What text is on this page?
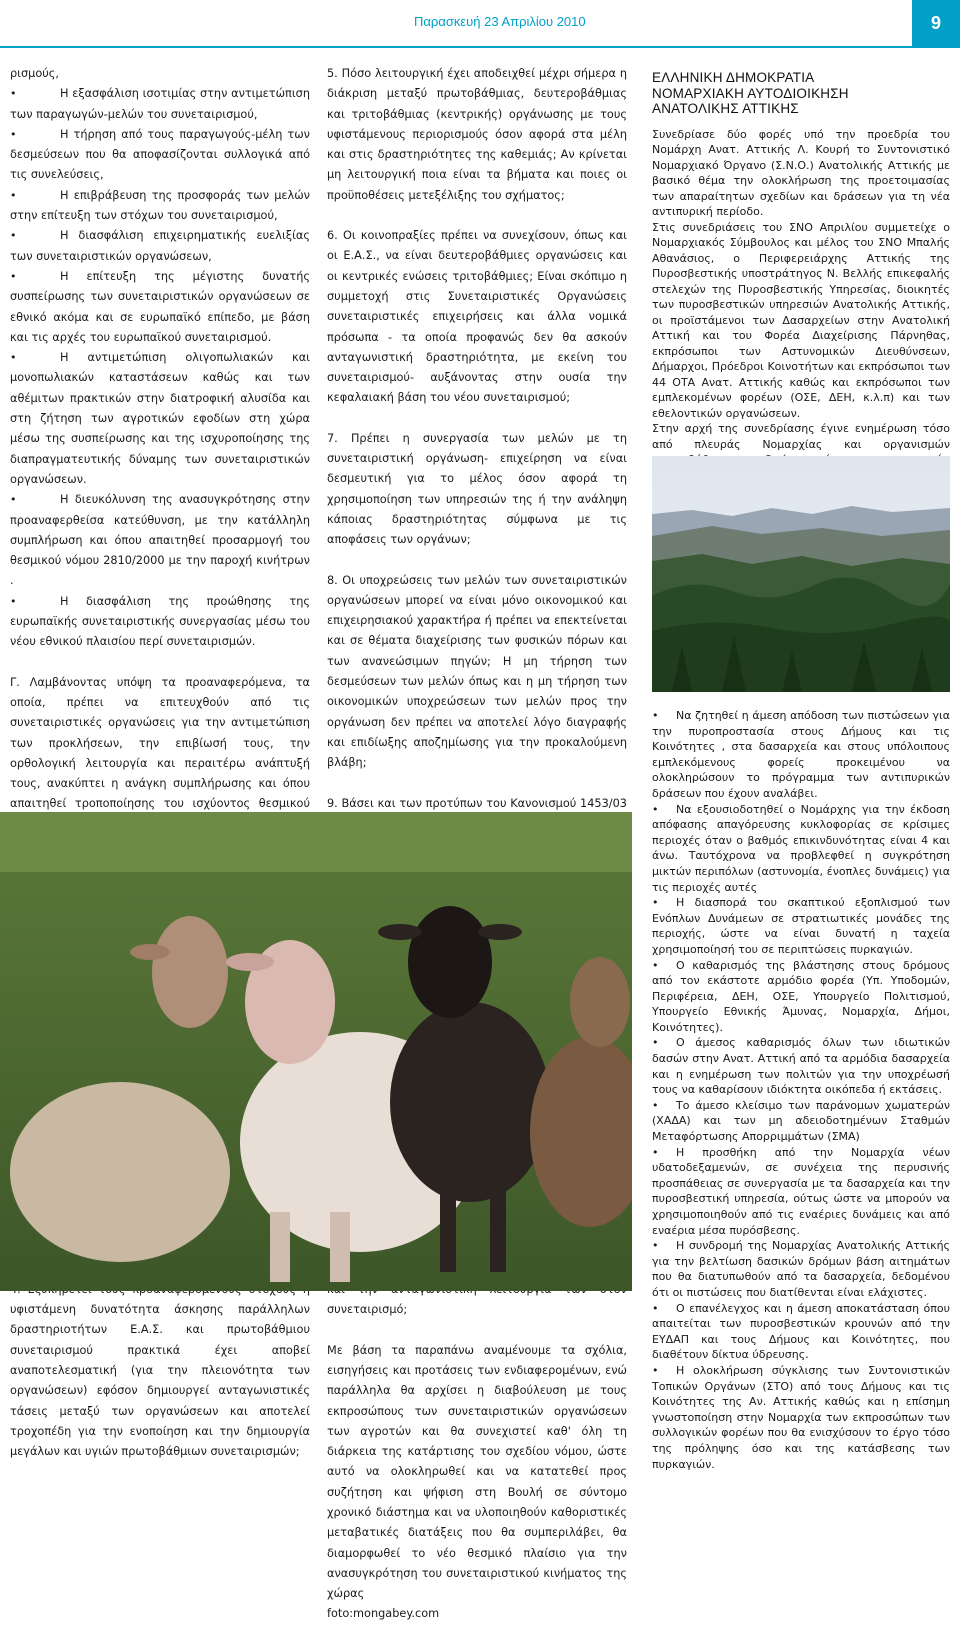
Παρασκευή 23 Απριλίου 2010	9

ρισμούς,

•	Η εξασφάλιση ισοτιμίας στην αντιμετώπιση των παραγωγών-μελών του συνεταιρισμού,

•	Η τήρηση από τους παραγωγούς-μέλη των δεσμεύσεων που θα αποφασίζονται συλλογικά από τις συνελεύσεις,

•	Η επιβράβευση της προσφοράς των μελών στην επίτευξη των στόχων του συνεταιρισμού,

•	Η διασφάλιση επιχειρηματικής ευελιξίας των συνεταιριστικών οργανώσεων,

•	Η επίτευξη της μέγιστης δυνατής συσπείρωσης των συνεταιριστικών οργανώσεων σε εθνικό ακόμα και σε ευρωπαϊκό επίπεδο, με βάση και τις αρχές του ευρωπαϊκού συνεταιρισμού.

•	Η αντιμετώπιση ολιγοπωλιακών και μονοπωλιακών καταστάσεων καθώς και των αθέμιτων πρακτικών στην διατροφική αλυσίδα και στη ζήτηση των αγροτικών εφοδίων στη χώρα μέσω της συσπείρωσης και της ισχυροποίησης της διαπραγματευτικής δύναμης των συνεταιριστικών οργανώσεων.

•	Η διευκόλυνση της ανασυγκρότησης στην προαναφερθείσα κατεύθυνση, με την κατάλληλη συμπλήρωση και όπου απαιτηθεί προσαρμογή του θεσμικού νόμου 2810/2000 με την παροχή κινήτρων .

•	Η διασφάλιση της προώθησης της ευρωπαϊκής συνεταιριστικής συνεργασίας μέσω του νέου εθνικού πλαισίου περί συνεταιρισμών.

Γ. Λαμβάνοντας υπόψη τα προαναφερόμενα, τα οποία, πρέπει να επιτευχθούν από τις συνεταιριστικές οργανώσεις για την αντιμετώπιση των προκλήσεων, την επιβίωσή τους, την ορθολογική λειτουργία και περαιτέρω ανάπτυξή τους, ανακύπτει η ανάγκη συμπλήρωσης και όπου απαιτηθεί τροποποίησης του ισχύοντος θεσμικού

υφιστάμενη δυνατότητα άσκησης παράλληλων δραστηριοτήτων Ε.Α.Σ. και πρωτοβάθμιου συνεταιρισμού πρακτικά έχει αποβεί αναποτελεσματική (για την πλειονότητα των οργανώσεων) εφόσον δημιουργεί ανταγωνιστικές τάσεις μεταξύ των οργανώσεων και αποτελεί τροχοπέδη για την ενοποίηση και την δημιουργία μεγάλων και υγιών πρωτοβάθμιων συνεταιρισμών;

5. Πόσο λειτουργική έχει αποδειχθεί μέχρι σήμερα η διάκριση μεταξύ πρωτοβάθμιας, δευτεροβάθμιας και τριτοβάθμιας (κεντρικής) οργάνωσης με τους υφιστάμενους περιορισμούς όσον αφορά στα μέλη και στις δραστηριότητες της καθεμιάς; Αν κρίνεται μη λειτουργική ποια είναι τα βήματα και ποιες οι προϋποθέσεις μετεξέλιξης του σχήματος;

6. Οι κοινοπραξίες πρέπει να συνεχίσουν, όπως και οι Ε.Α.Σ., να είναι δευτεροβάθμιες οργανώσεις και οι κεντρικές ενώσεις τριτοβάθμιες; Είναι σκόπιμο η συμμετοχή στις Συνεταιριστικές Οργανώσεις συνεταιριστικές επιχειρήσεις και άλλα νομικά πρόσωπα - τα οποία προφανώς δεν θα ασκούν ανταγωνιστική δραστηριότητα, με εκείνη του συνεταιρισμού- αυξάνοντας στην ουσία την κεφαλαιακή βάση του νέου συνεταιρισμού;

7. Πρέπει η συνεργασία των μελών με τη συνεταιριστική οργάνωση- επιχείρηση να είναι δεσμευτική για το μέλος όσον αφορά τη χρησιμοποίηση των υπηρεσιών της ή την ανάληψη κάποιας δραστηριότητας σύμφωνα με τις αποφάσεις των οργάνων;

8. Οι υποχρεώσεις των μελών των συνεταιριστικών οργανώσεων μπορεί να είναι μόνο οικονομικού και επιχειρησιακού χαρακτήρα ή πρέπει να επεκτείνεται και σε θέματα διαχείρισης των φυσικών πόρων και των ανανεώσιμων πηγών; Η μη τήρηση των δεσμεύσεων των μελών όπως και η μη τήρηση των οικονομικών υποχρεώσεων των μελών προς την οργάνωση δεν πρέπει να αποτελεί λόγο διαγραφής και επιδίωξης αποζημίωσης για την προκαλούμενη βλάβη;

9. Βάσει και των προτύπων του Κανονισμού 1453/03

συνεταιρισμό;

Με βάση τα παραπάνω αναμένουμε τα σχόλια, εισηγήσεις και προτάσεις των ενδιαφερομένων, ενώ παράλληλα θα αρχίσει η διαβούλευση με τους εκπροσώπους των συνεταιριστικών οργανώσεων των αγροτών και θα συνεχιστεί καθ' όλη τη διάρκεια της κατάρτισης του σχεδίου νόμου, ώστε αυτό να ολοκληρωθεί και να κατατεθεί προς συζήτηση και ψήφιση στη Βουλή σε σύντομο χρονικό διάστημα και να υλοποιηθούν καθοριστικές μεταβατικές διατάξεις που θα συμπεριλάβει, θα διαμορφωθεί το νέο θεσμικό πλαίσιο για την ανασυγκρότηση του συνεταιριστικού κινήματος της χώρας

foto:mongabey.com

ΕΛΛΗΝΙΚΗ ΔΗΜΟΚΡΑΤΙΑ
ΝΟΜΑΡΧΙΑΚΗ ΑΥΤΟΔΙΟΙΚΗΣΗ
ΑΝΑΤΟΛΙΚΗΣ ΑΤΤΙΚΗΣ

Συνεδρίασε δύο φορές υπό την προεδρία του Νομάρχη Ανατ. Αττικής Λ. Κουρή το Συντονιστικό Νομαρχιακό Όργανο (Σ.Ν.Ο.) Ανατολικής Αττικής με βασικό θέμα την ολοκλήρωση της προετοιμασίας των απαραίτητων σχεδίων και δράσεων για τη νέα αντιπυρική περίοδο.

Στις συνεδριάσεις του ΣΝΟ Απριλίου συμμετείχε ο Νομαρχιακός Σύμβουλος και μέλος του ΣΝΟ Μπαλής Αθανάσιος, ο Περιφερειάρχης Αττικής της Πυροσβεστικής υποστράτηγος Ν. Βελλής επικεφαλής στελεχών της Πυροσβεστικής Υπηρεσίας, διοικητές των πυροσβεστικών υπηρεσιών Ανατολικής Αττικής, οι προϊστάμενοι των Δασαρχείων στην Ανατολική Αττική και του Φορέα Διαχείρισης Πάρνηθας, εκπρόσωποι των Αστυνομικών Διευθύνσεων, Δήμαρχοι, Πρόεδροι Κοινοτήτων και εκπρόσωποι των 44 ΟΤΑ Ανατ. Αττικής καθώς και εκπρόσωποι των εμπλεκομένων φορέων (ΟΣΕ, ΔΕΗ, κ.λ.π) και των εθελοντικών οργανώσεων.

Στην αρχή της συνεδρίασης έγινε ενημέρωση τόσο από πλευράς Νομαρχίας και οργανισμών

• Να ζητηθεί η άμεση απόδοση των πιστώσεων για την πυροπροστασία στους Δήμους και τις Κοινότητες , στα δασαρχεία και στους υπόλοιπους εμπλεκόμενους φορείς προκειμένου να ολοκληρώσουν το πρόγραμμα των αντιπυρικών δράσεων που έχουν αναλάβει.

• Να εξουσιοδοτηθεί ο Νομάρχης για την έκδοση απόφασης απαγόρευσης κυκλοφορίας σε κρίσιμες περιοχές όταν ο βαθμός επικινδυνότητας είναι 4 και άνω. Ταυτόχρονα να προβλεφθεί η συγκρότηση μικτών περιπόλων (αστυνομία, ένοπλες δυνάμεις) για τις περιοχές αυτές

• Η διασπορά του σκαπτικού εξοπλισμού των Ενόπλων Δυνάμεων σε στρατιωτικές μονάδες της περιοχής, ώστε να είναι δυνατή η ταχεία χρησιμοποίησή του σε περιπτώσεις πυρκαγιών.

• Ο καθαρισμός της βλάστησης στους δρόμους από τον εκάστοτε αρμόδιο φορέα (Υπ. Υποδομών, Περιφέρεια, ΔΕΗ, ΟΣΕ, Υπουργείο Πολιτισμού, Υπουργείο Εθνικής Άμυνας, Νομαρχία, Δήμοι, Κοινότητες).

• Ο άμεσος καθαρισμός όλων των ιδιωτικών δασών στην Ανατ. Αττική από τα αρμόδια δασαρχεία και η ενημέρωση των πολιτών για την υποχρέωσή τους να καθαρίσουν ιδιόκτητα οικόπεδα ή εκτάσεις.

• Το άμεσο κλείσιμο των παράνομων χωματερών (ΧΑΔΑ) και των μη αδειοδοτημένων Σταθμών Μεταφόρτωσης Απορριμμάτων (ΣΜΑ)

• Η προσθήκη από την Νομαρχία νέων υδατοδεξαμενών, σε συνέχεια της περυσινής προσπάθειας σε συνεργασία με τα δασαρχεία και την πυροσβεστική υπηρεσία, ούτως ώστε να μπορούν να χρησιμοποιηθούν από τις εναέριες δυνάμεις και από εναέρια μέσα πυρόσβεσης.

• Η συνδρομή της Νομαρχίας Ανατολικής Αττικής για την βελτίωση δασικών δρόμων βάση αιτημάτων που θα διατυπωθούν από τα δασαρχεία, δεδομένου ότι οι πιστώσεις που διατίθενται είναι ελάχιστες.

• Ο επανέλεγχος και η άμεση αποκατάσταση όπου απαιτείται των πυροσβεστικών κρουνών από την ΕΥΔΑΠ και τους Δήμους και Κοινότητες, που διαθέτουν δίκτυα ύδρευσης.

• Η ολοκλήρωση σύγκλισης των Συντονιστικών Τοπικών Οργάνων (ΣΤΟ) από τους Δήμους και τις Κοινότητες της Αν. Αττικής καθώς και η επίσημη γνωστοποίηση στην Νομαρχία των εκπροσώπων των συλλογικών φορέων που θα ενισχύσουν το έργο τόσο της πρόληψης όσο και της κατάσβεσης των πυρκαγιών.
